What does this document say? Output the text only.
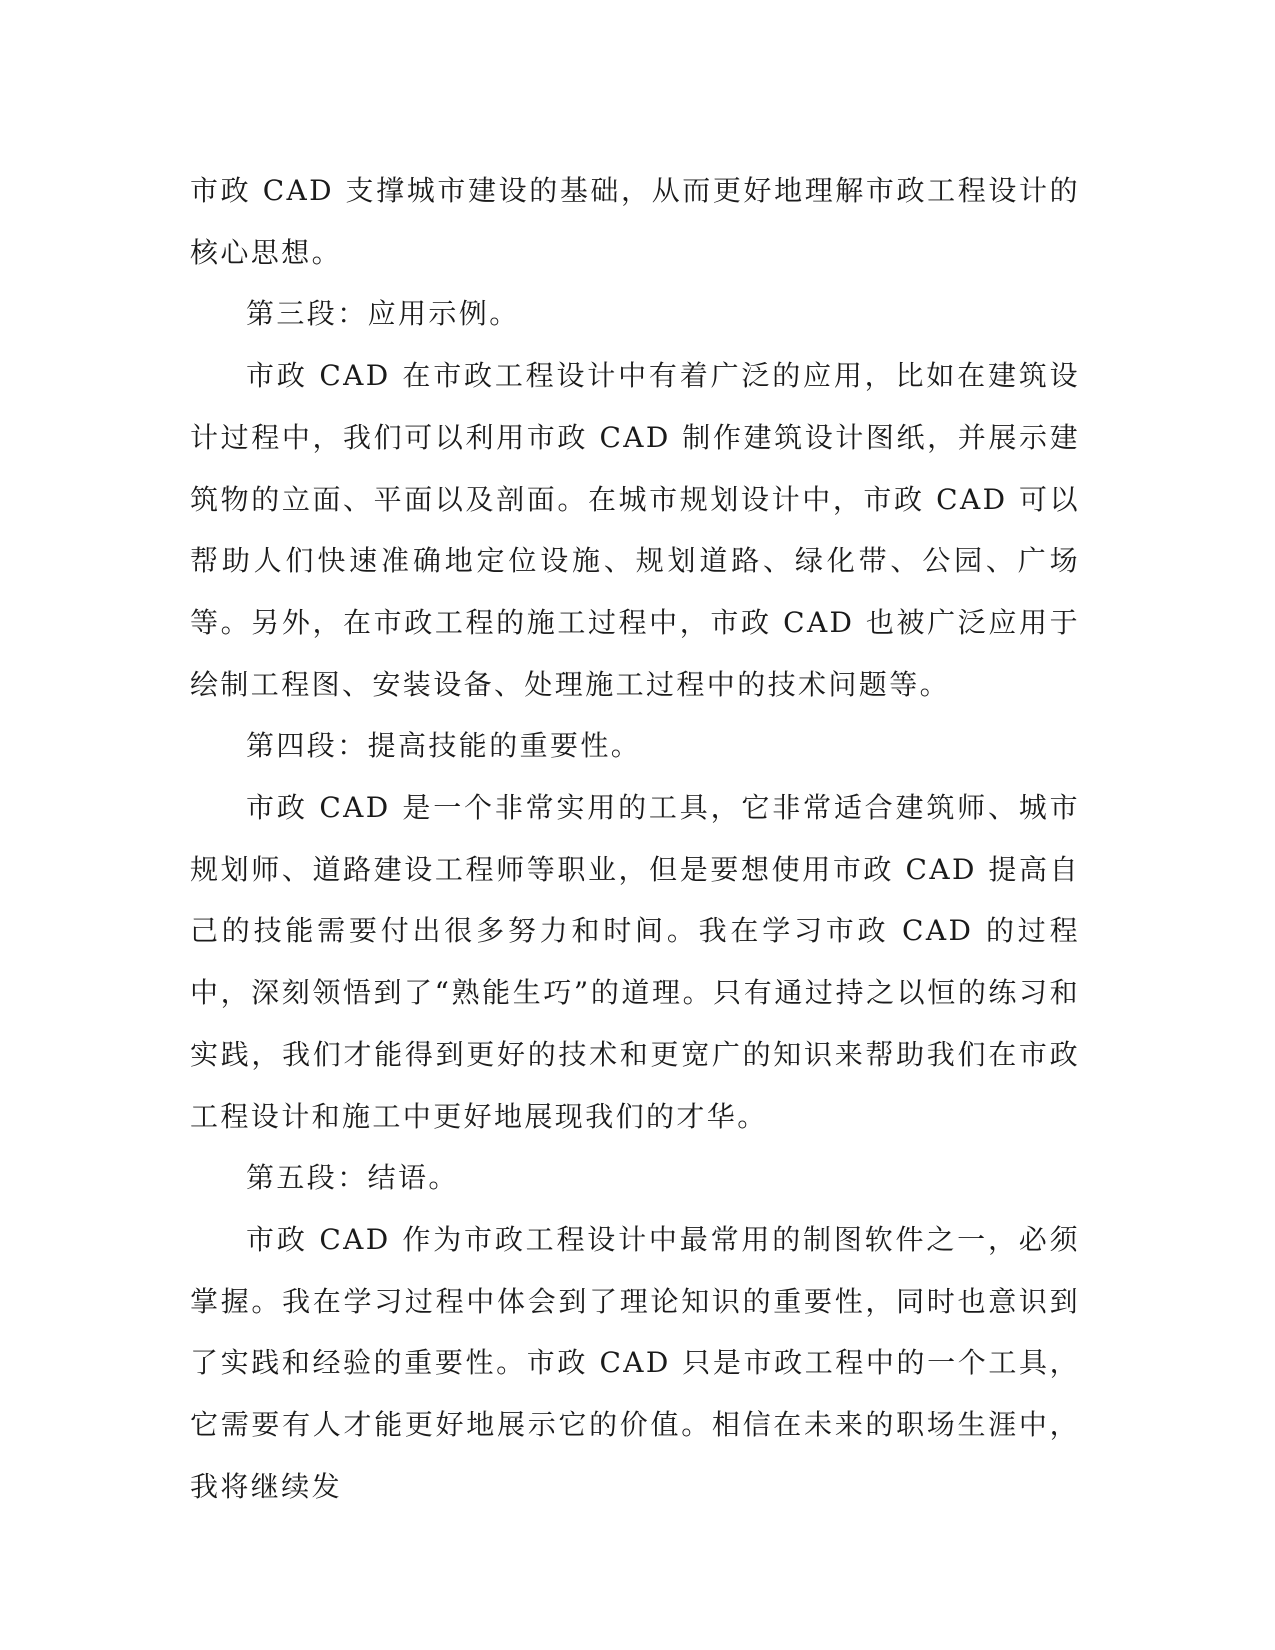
市政 CAD 支撑城市建设的基础，从而更好地理解市政工程设计的核心思想。

第三段：应用示例。

市政 CAD 在市政工程设计中有着广泛的应用，比如在建筑设计过程中，我们可以利用市政 CAD 制作建筑设计图纸，并展示建筑物的立面、平面以及剖面。在城市规划设计中，市政 CAD 可以帮助人们快速准确地定位设施、规划道路、绿化带、公园、广场等。另外，在市政工程的施工过程中，市政 CAD 也被广泛应用于绘制工程图、安装设备、处理施工过程中的技术问题等。

第四段：提高技能的重要性。

市政 CAD 是一个非常实用的工具，它非常适合建筑师、城市规划师、道路建设工程师等职业，但是要想使用市政 CAD 提高自己的技能需要付出很多努力和时间。我在学习市政 CAD 的过程中，深刻领悟到了“熟能生巧”的道理。只有通过持之以恒的练习和实践，我们才能得到更好的技术和更宽广的知识来帮助我们在市政工程设计和施工中更好地展现我们的才华。

第五段：结语。

市政 CAD 作为市政工程设计中最常用的制图软件之一，必须掌握。我在学习过程中体会到了理论知识的重要性，同时也意识到了实践和经验的重要性。市政 CAD 只是市政工程中的一个工具，它需要有人才能更好地展示它的价值。相信在未来的职场生涯中，我将继续发
